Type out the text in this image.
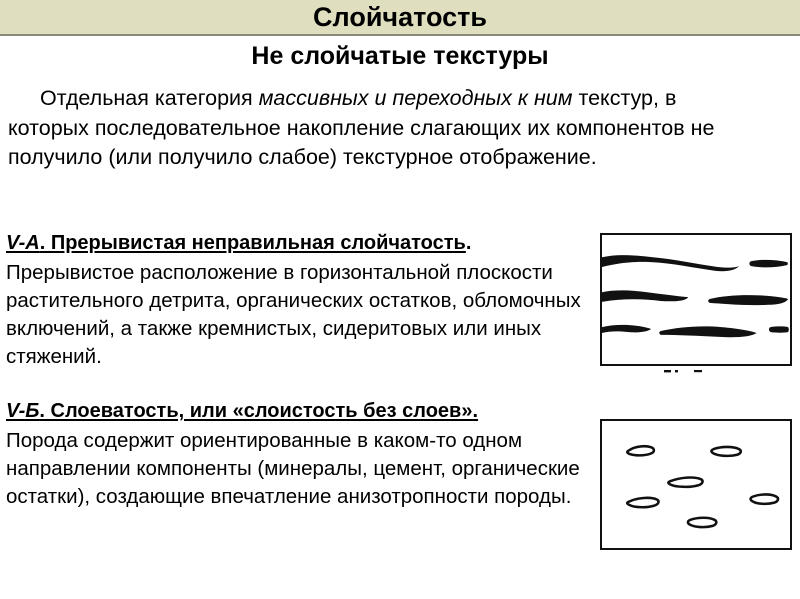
Слойчатость
Не слойчатые текстуры
Отдельная категория массивных и переходных к ним текстур, в которых последовательное накопление слагающих их компонентов не получило (или получило слабое) текстурное отображение.
V-А. Прерывистая неправильная слойчатость.
Прерывистое расположение в горизонтальной плоскости растительного детрита, органических остатков, обломочных включений, а также кремнистых, сидеритовых или иных стяжений.
V-Б. Слоеватость, или «слоистость без слоев».
Порода содержит ориентированные в каком-то одном направлении компоненты (минералы, цемент, органические остатки), создающие впечатление анизотропности породы.
